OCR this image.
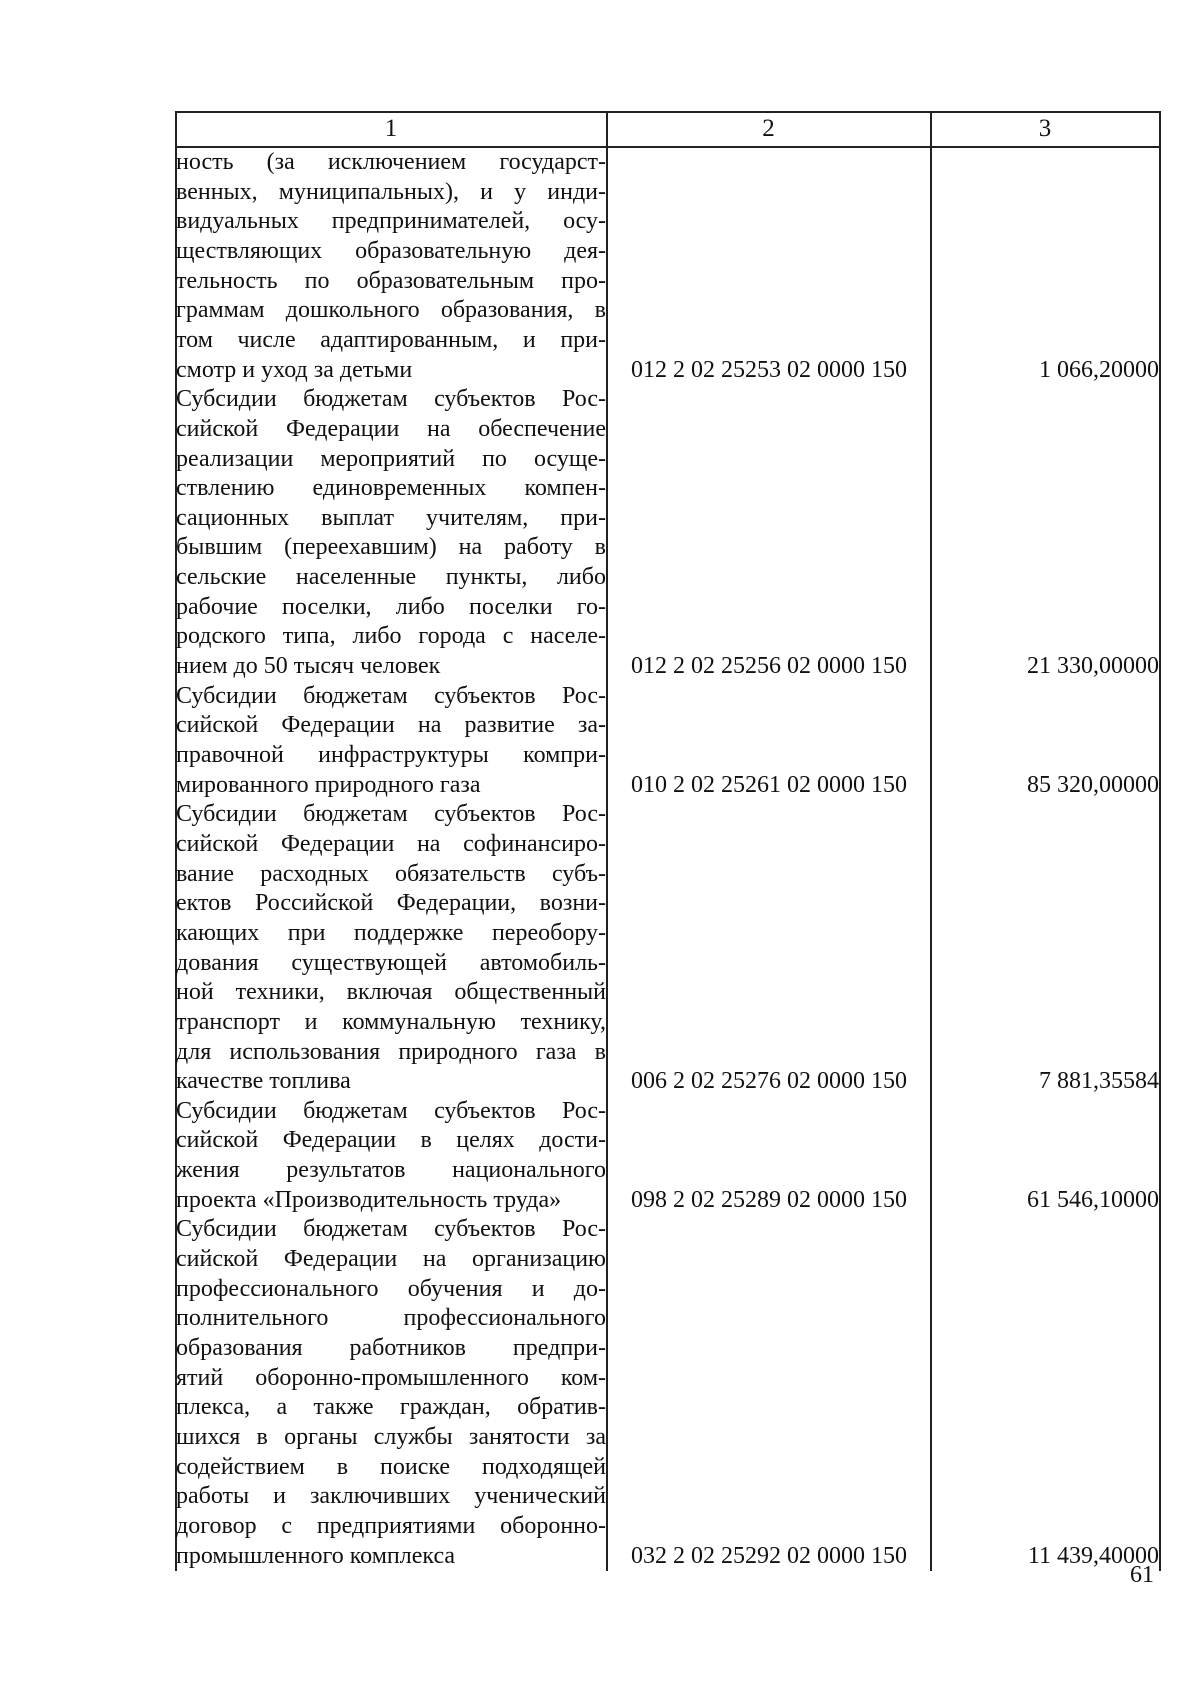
1	2	3
ность (за исключением государст-
венных, муниципальных), и у инди-
видуальных предпринимателей, осу-
ществляющих образовательную дея-
тельность по образовательным про-
граммам дошкольного образования, в
том числе адаптированным, и при-
смотр и уход за детьми	012 2 02 25253 02 0000 150	1 066,20000
Субсидии бюджетам субъектов Рос-
сийской Федерации на обеспечение
реализации мероприятий по осуще-
ствлению единовременных компен-
сационных выплат учителям, при-
бывшим (переехавшим) на работу в
сельские населенные пункты, либо
рабочие поселки, либо поселки го-
родского типа, либо города с населе-
нием до 50 тысяч человек	012 2 02 25256 02 0000 150	21 330,00000
Субсидии бюджетам субъектов Рос-
сийской Федерации на развитие за-
правочной инфраструктуры компри-
мированного природного газа	010 2 02 25261 02 0000 150	85 320,00000
Субсидии бюджетам субъектов Рос-
сийской Федерации на софинансиро-
вание расходных обязательств субъ-
ектов Российской Федерации, возни-
кающих при поддержке переобору-
дования существующей автомобиль-
ной техники, включая общественный
транспорт и коммунальную технику,
для использования природного газа в
качестве топлива	006 2 02 25276 02 0000 150	7 881,35584
Субсидии бюджетам субъектов Рос-
сийской Федерации в целях дости-
жения результатов национального
проекта «Производительность труда»	098 2 02 25289 02 0000 150	61 546,10000
Субсидии бюджетам субъектов Рос-
сийской Федерации на организацию
профессионального обучения и до-
полнительного профессионального
образования работников предпри-
ятий оборонно-промышленного ком-
плекса, а также граждан, обратив-
шихся в органы службы занятости за
содействием в поиске подходящей
работы и заключивших ученический
договор с предприятиями оборонно-
промышленного комплекса	032 2 02 25292 02 0000 150	11 439,40000
61
